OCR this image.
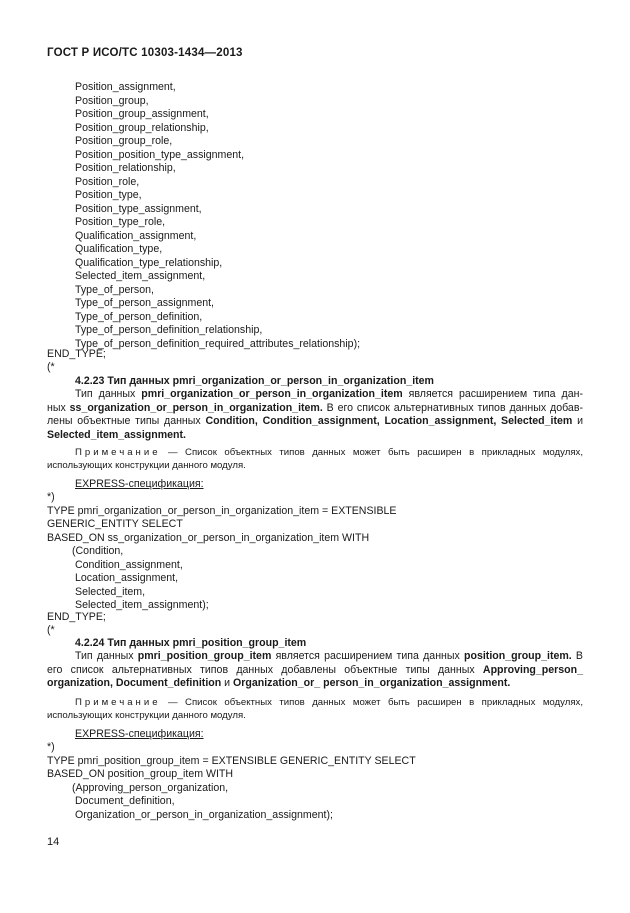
ГОСТ Р ИСО/ТС 10303-1434—2013
Position_assignment,
Position_group,
Position_group_assignment,
Position_group_relationship,
Position_group_role,
Position_position_type_assignment,
Position_relationship,
Position_role,
Position_type,
Position_type_assignment,
Position_type_role,
Qualification_assignment,
Qualification_type,
Qualification_type_relationship,
Selected_item_assignment,
Type_of_person,
Type_of_person_assignment,
Type_of_person_definition,
Type_of_person_definition_relationship,
Type_of_person_definition_required_attributes_relationship);
END_TYPE;
(*
4.2.23 Тип данных pmri_organization_or_person_in_organization_item

Тип данных pmri_organization_or_person_in_organization_item является расширением типа дан-ных ss_organization_or_person_in_organization_item. В его список альтернативных типов данных добав-лены объектные типы данных Condition, Condition_assignment, Location_assignment, Selected_item и Selected_item_assignment.

Примечание — Список объектных типов данных может быть расширен в прикладных модулях, использующих конструкции данного модуля.

EXPRESS-спецификация:
*)
TYPE pmri_organization_or_person_in_organization_item = EXTENSIBLE
GENERIC_ENTITY SELECT
BASED_ON ss_organization_or_person_in_organization_item WITH
(Condition,
Condition_assignment,
Location_assignment,
Selected_item,
Selected_item_assignment);
END_TYPE;
(*
4.2.24 Тип данных pmri_position_group_item

Тип данных pmri_position_group_item является расширением типа данных position_group_item. В его список альтернативных типов данных добавлены объектные типы данных Approving_person_ organization, Document_definition и Organization_or_ person_in_organization_assignment.

Примечание — Список объектных типов данных может быть расширен в прикладных модулях, использующих конструкции данного модуля.

EXPRESS-спецификация:
*)
TYPE pmri_position_group_item = EXTENSIBLE GENERIC_ENTITY SELECT
BASED_ON position_group_item WITH
(Approving_person_organization,
Document_definition,
Organization_or_person_in_organization_assignment);
14
